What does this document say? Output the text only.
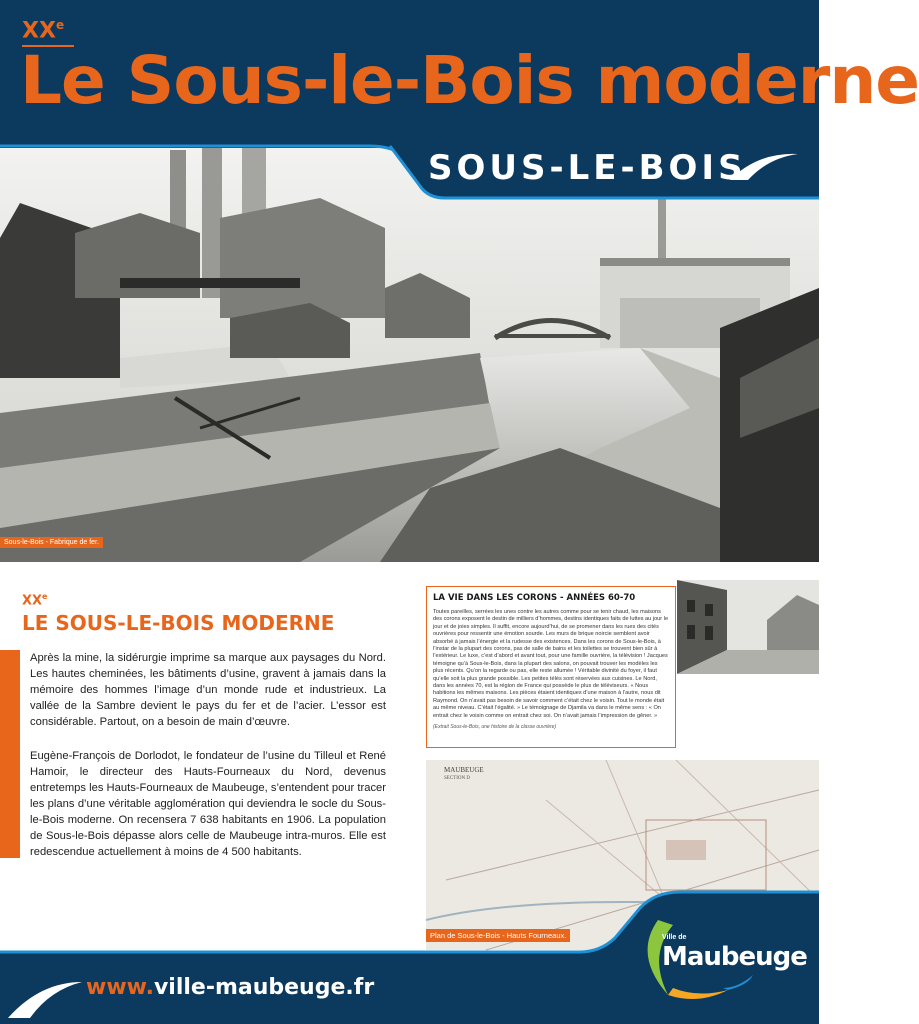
XXe
Le Sous-le-Bois moderne
SOUS-LE-BOIS
Sous-le-Bois - Fabrique de fer.
XXe
LE SOUS-LE-BOIS MODERNE

Après la mine, la sidérurgie imprime sa marque aux paysages du Nord. Les hautes cheminées, les bâtiments d’usine, gravent à jamais dans la mémoire des hommes l’image d’un monde rude et industrieux. La vallée de la Sambre devient le pays du fer et de l’acier. L’essor est considérable. Partout, on a besoin de main d’œuvre.

Eugène-François de Dorlodot, le fondateur de l’usine du Tilleul et René Hamoir, le directeur des Hauts-Fourneaux du Nord, devenus entretemps les Hauts-Fourneaux de Maubeuge, s’entendent pour tracer les plans d’une véritable agglomération qui deviendra le socle du Sous-le-Bois moderne. On recensera 7 638 habitants en 1906. La population de Sous-le-Bois dépasse alors celle de Maubeuge intra-muros. Elle est redescendue actuellement à moins de 4 500 habitants.

LA VIE DANS LES CORONS - ANNÉES 60-70
Toutes pareilles, serrées les unes contre les autres comme pour se tenir chaud, les maisons des corons exposent le destin de milliers d’hommes, destins identiques faits de luttes au jour le jour et de joies simples. Il suffit, encore aujourd’hui, de se promener dans les rues des cités ouvrières pour ressentir une émotion sourde. Les murs de brique noircie semblent avoir absorbé à jamais l’énergie et la rudesse des existences. Dans les corons de Sous-le-Bois, à l’instar de la plupart des corons, pas de salle de bains et les toilettes se trouvent bien sûr à l’extérieur. Le luxe, c’est d’abord et avant tout, pour une famille ouvrière, la télévision ! Jacques témoigne qu’à Sous-le-Bois, dans la plupart des salons, on pouvait trouver les modèles les plus récents. Qu’on la regarde ou pas, elle reste allumée ! Véritable divinité du foyer, il faut qu’elle soit la plus grande possible. Les petites télés sont réservées aux cuisines. Le Nord, dans les années 70, est la région de France qui possède le plus de téléviseurs. « Nous habitions les mêmes maisons. Les pièces étaient identiques d’une maison à l’autre, nous dit Raymond. On n’avait pas besoin de savoir comment c’était chez le voisin. Tout le monde était au même niveau. C’était l’égalité. » Le témoignage de Djamila va dans le même sens : « On entrait chez le voisin comme on entrait chez soi. On n’avait jamais l’impression de gêner. »
(Extrait Sous-le-Bois, une histoire de la classe ouvrière)
MAUBEUGE
SECTION D
Plan de Sous-le-Bois - Hauts Fourneaux.
www.ville-maubeuge.fr
Ville de
Maubeuge
